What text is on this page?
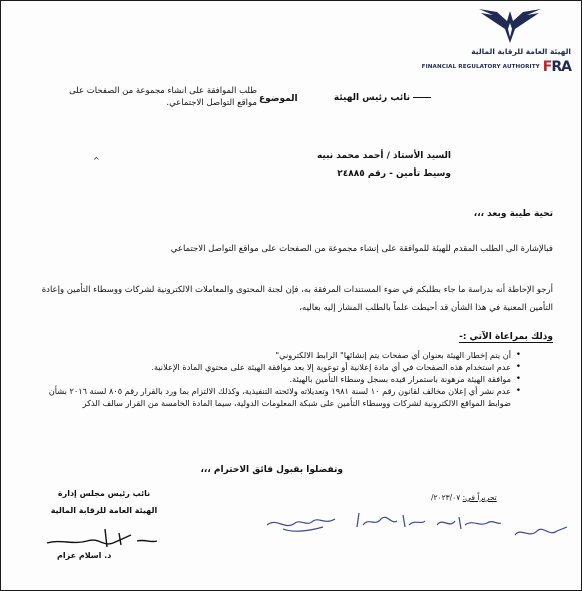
الهيئة العامة للرقابة المالية
FINANCIAL REGULATORY AUTHORITY FRA
نائب رئيس الهيئة
الموضوع
طلب الموافقة على انشاء مجموعة من الصفحات على مواقع التواصل الاجتماعي.
^	السيد الأستاذ / أحمد محمد نبيه
وسيط تأمين - رقم ٢٤٨٨٥
تحية طيبة وبعد ،،،
فبالإشارة الى الطلب المقدم للهيئة للموافقة على إنشاء مجموعة من الصفحات على مواقع التواصل الاجتماعي
أرجو الإحاطة أنه بدراسة ما جاء بطلبكم في ضوء المستندات المرفقة به، فإن لجنة المحتوى والمعاملات الالكترونية لشركات ووسطاء التأمين وإعادة التأمين المعنية في هذا الشأن قد أحيطت علماً بالطلب المشار إليه بعاليه،
وذلك بمراعاة الآتي :-
• أن يتم إخطار الهيئة بعنوان أي صفحات يتم إنشائها" الرابط الالكتروني"
• عدم استخدام هذه الصفحات في أي مادة إعلانية أو توعوية إلا بعد موافقة الهيئة على محتوي المادة الإعلانية.
• موافقة الهيئة مرهونة باستمرار قيده بسجل وسطاء التأمين بالهيئة.
• عدم نشر أي إعلان مخالف لقانون رقم ١٠ لسنة ١٩٨١ وتعديلاته ولائحته التنفيذية، وكذلك الالتزام بما ورد بالقرار رقم ٨٠٥ لسنة ٢٠١٦ بشأن ضوابط المواقع الالكترونية لشركات ووسطاء التأمين على شبكة المعلومات الدولية، سيما المادة الخامسة من القرار سالف الذكر
وتفضلوا بقبول فائق الاحترام ،،،
نائب رئيس مجلس إدارة
الهيئة العامة للرقابة المالية
د. اسلام عزام
تحريراً في: ٢٠٢٣/٠٧/
